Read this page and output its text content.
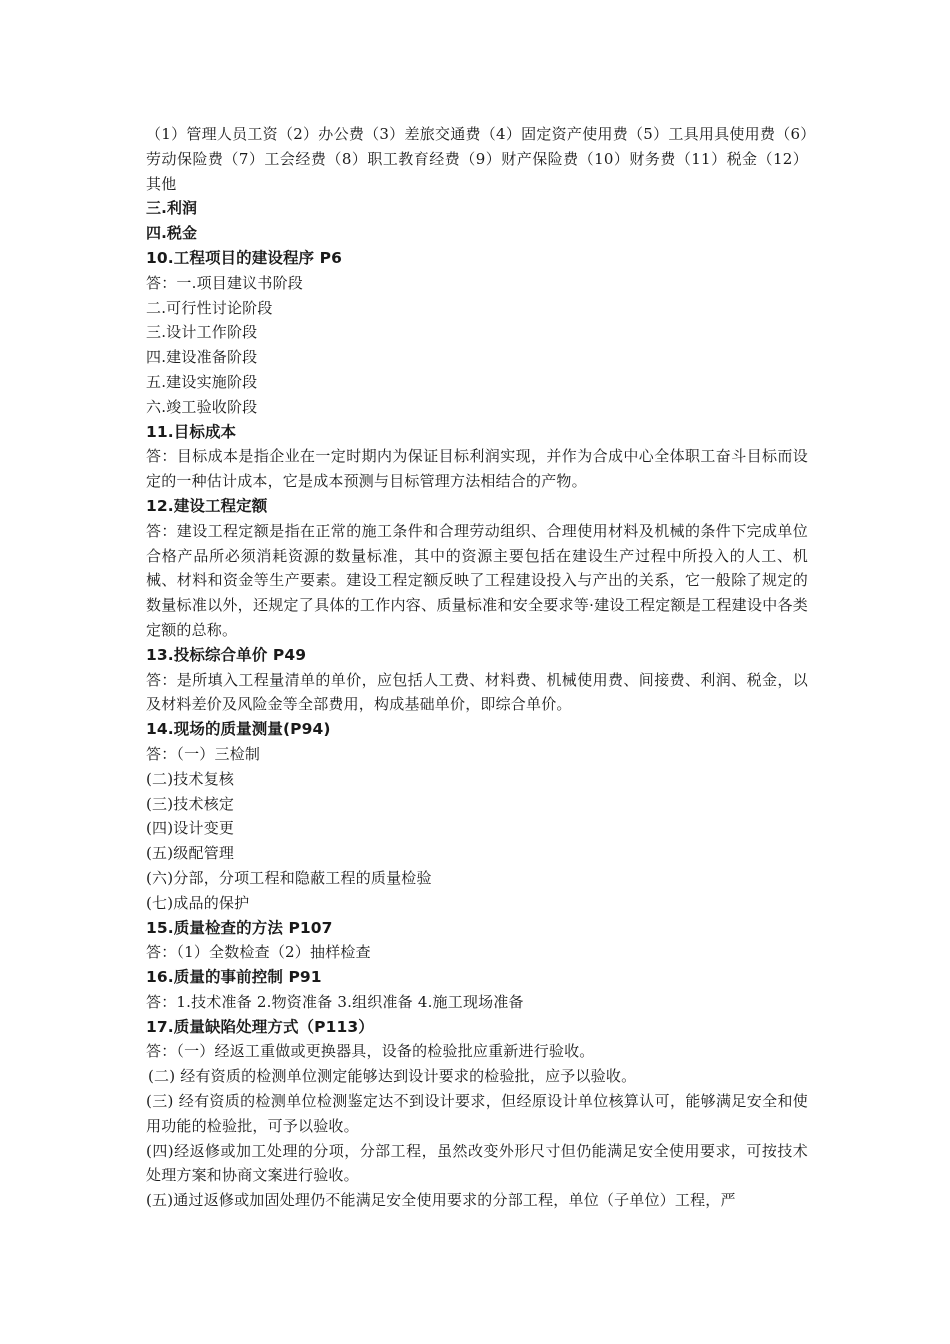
（1）管理人员工资（2）办公费（3）差旅交通费（4）固定资产使用费（5）工具用具使用费（6）劳动保险费（7）工会经费（8）职工教育经费（9）财产保险费（10）财务费（11）税金（12）其他

三.利润

四.税金

10.工程项目的建设程序 P6

答：一.项目建议书阶段

二.可行性讨论阶段

三.设计工作阶段

四.建设准备阶段

五.建设实施阶段

六.竣工验收阶段

11.目标成本

答：目标成本是指企业在一定时期内为保证目标利润实现，并作为合成中心全体职工奋斗目标而设定的一种估计成本，它是成本预测与目标管理方法相结合的产物。

12.建设工程定额

答：建设工程定额是指在正常的施工条件和合理劳动组织、合理使用材料及机械的条件下完成单位合格产品所必须消耗资源的数量标准，其中的资源主要包括在建设生产过程中所投入的人工、机械、材料和资金等生产要素。建设工程定额反映了工程建设投入与产出的关系，它一般除了规定的数量标准以外，还规定了具体的工作内容、质量标准和安全要求等·建设工程定额是工程建设中各类定额的总称。

13.投标综合单价 P49

答：是所填入工程量清单的单价，应包括人工费、材料费、机械使用费、间接费、利润、税金，以及材料差价及风险金等全部费用，构成基础单价，即综合单价。

14.现场的质量测量(P94)

答：（一）三检制

(二)技术复核

(三)技术核定

(四)设计变更

(五)级配管理

(六)分部，分项工程和隐蔽工程的质量检验

(七)成品的保护

15.质量检查的方法 P107

答：（1）全数检查（2）抽样检查

16.质量的事前控制 P91

答：1.技术准备 2.物资准备 3.组织准备 4.施工现场准备

17.质量缺陷处理方式（P113）

答：（一）经返工重做或更换器具，设备的检验批应重新进行验收。

(二) 经有资质的检测单位测定能够达到设计要求的检验批，应予以验收。

(三) 经有资质的检测单位检测鉴定达不到设计要求，但经原设计单位核算认可，能够满足安全和使用功能的检验批，可予以验收。

(四)经返修或加工处理的分项，分部工程，虽然改变外形尺寸但仍能满足安全使用要求，可按技术处理方案和协商文案进行验收。

(五)通过返修或加固处理仍不能满足安全使用要求的分部工程，单位（子单位）工程，严
